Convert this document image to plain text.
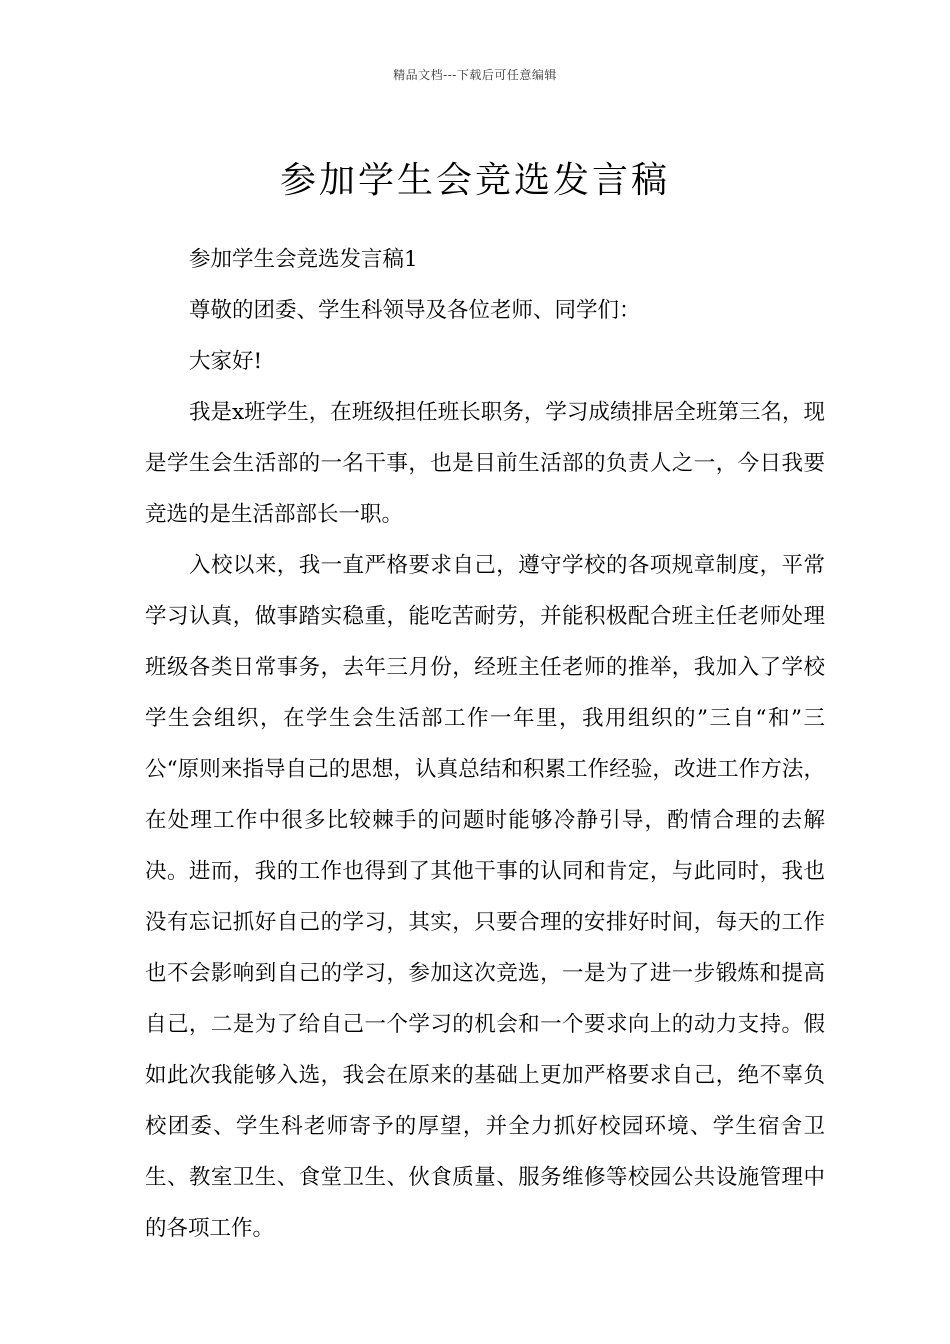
精品文档---下载后可任意编辑
参加学生会竞选发言稿

参加学生会竞选发言稿1

尊敬的团委、学生科领导及各位老师、同学们：

大家好!

我是x班学生，在班级担任班长职务，学习成绩排居全班第三名，现是学生会生活部的一名干事，也是目前生活部的负责人之一，今日我要竞选的是生活部部长一职。

入校以来，我一直严格要求自己，遵守学校的各项规章制度，平常学习认真，做事踏实稳重，能吃苦耐劳，并能积极配合班主任老师处理班级各类日常事务，去年三月份，经班主任老师的推举，我加入了学校学生会组织，在学生会生活部工作一年里，我用组织的”三自“和”三公“原则来指导自己的思想，认真总结和积累工作经验，改进工作方法，在处理工作中很多比较棘手的问题时能够冷静引导，酌情合理的去解决。进而，我的工作也得到了其他干事的认同和肯定，与此同时，我也没有忘记抓好自己的学习，其实，只要合理的安排好时间，每天的工作也不会影响到自己的学习，参加这次竞选，一是为了进一步锻炼和提高自己，二是为了给自己一个学习的机会和一个要求向上的动力支持。假如此次我能够入选，我会在原来的基础上更加严格要求自己，绝不辜负校团委、学生科老师寄予的厚望，并全力抓好校园环境、学生宿舍卫生、教室卫生、食堂卫生、伙食质量、服务维修等校园公共设施管理中的各项工作。
